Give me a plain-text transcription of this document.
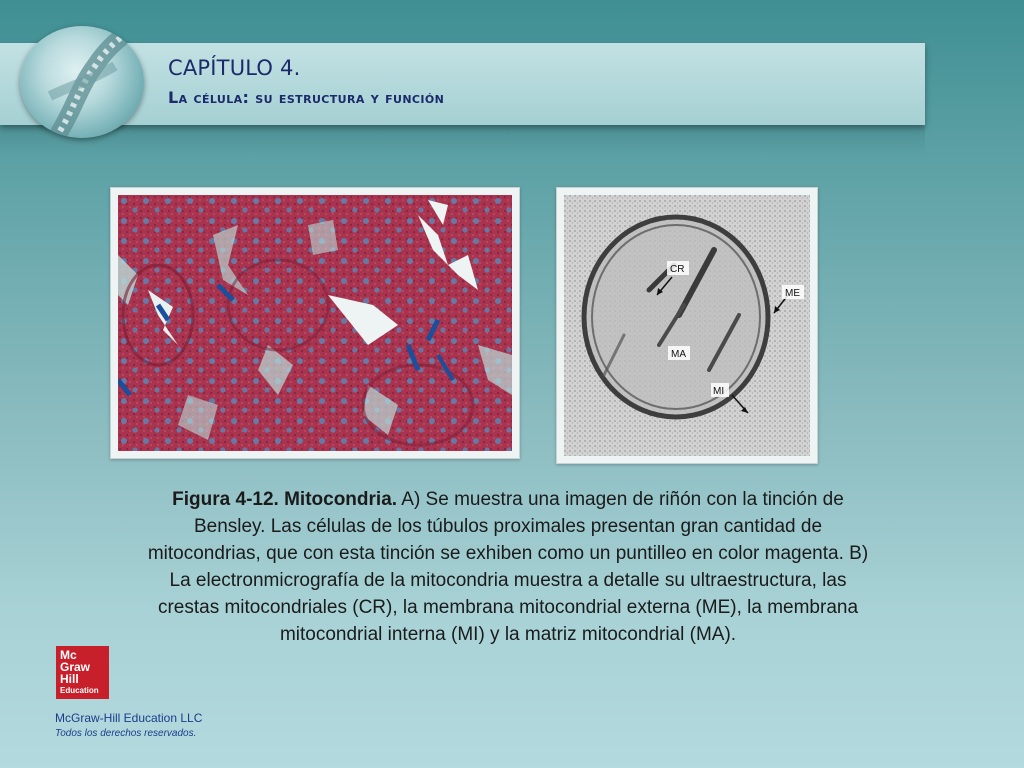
CAPÍTULO 4.
La célula: su estructura y función
CR
ME
MA
MI
Figura 4-12. Mitocondria. A) Se muestra una imagen de riñón con la tinción de Bensley. Las células de los túbulos proximales presentan gran cantidad de mitocondrias, que con esta tinción se exhiben como un puntilleo en color magenta. B) La electronmicrografía de la mitocondria muestra a detalle su ultraestructura, las crestas mitocondriales (CR), la membrana mitocondrial externa (ME), la membrana mitocondrial interna (MI) y la matriz mitocondrial (MA).
Mc
Graw
Hill
Education
McGraw-Hill Education LLC
Todos los derechos reservados.
